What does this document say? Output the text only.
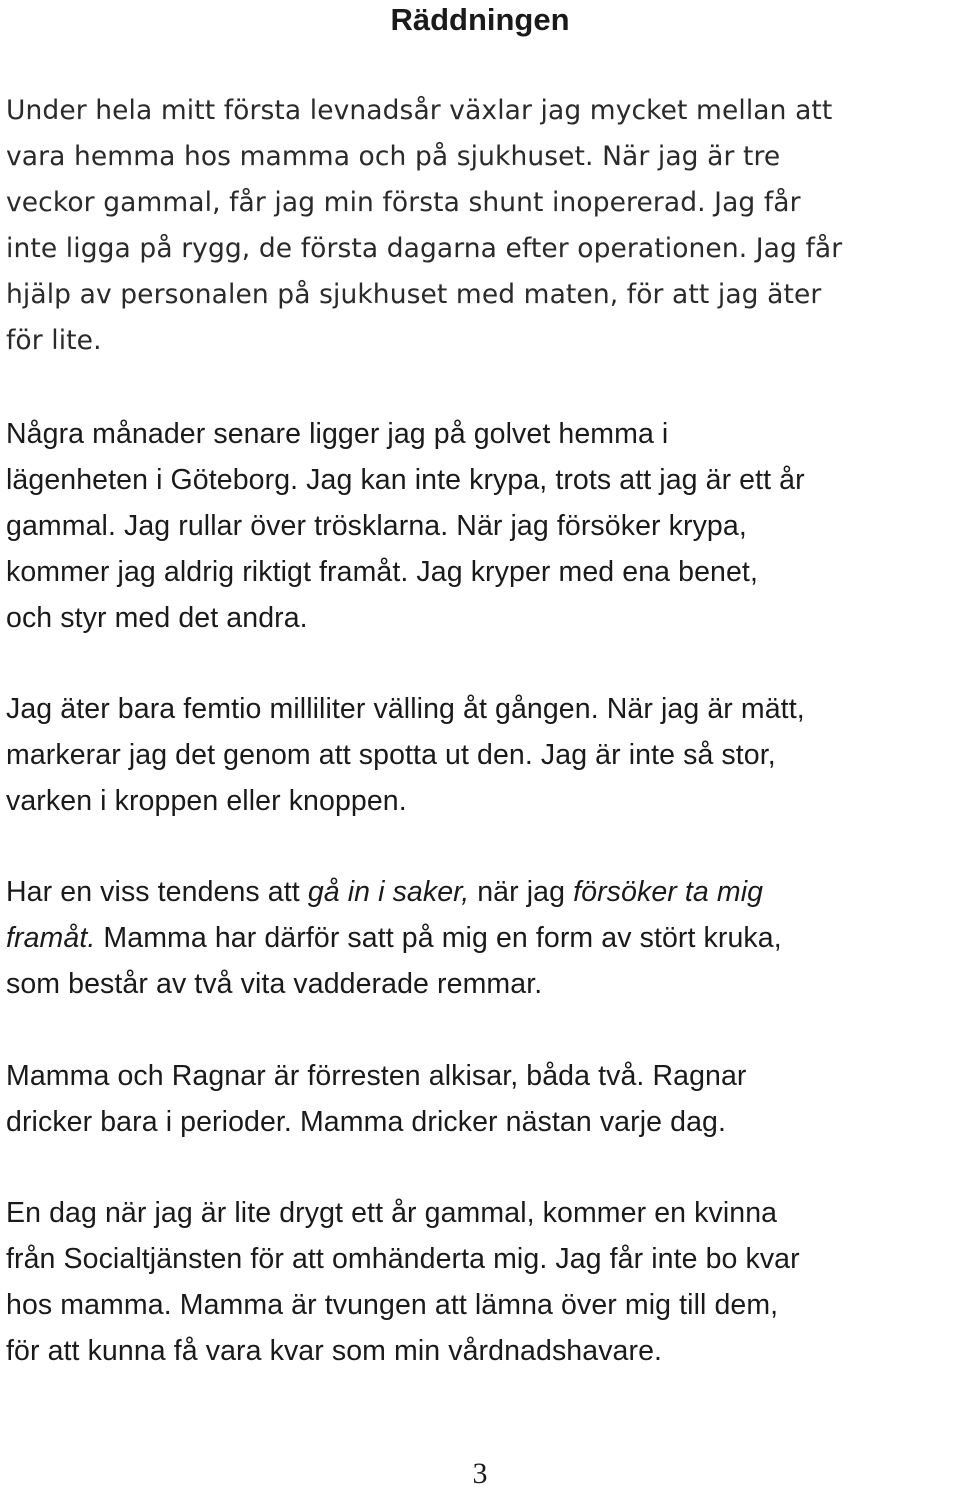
Räddningen

Under hela mitt första levnadsår växlar jag mycket mellan att
vara hemma hos mamma och på sjukhuset. När jag är tre
veckor gammal, får jag min första shunt inopererad. Jag får
inte ligga på rygg, de första dagarna efter operationen. Jag får
hjälp av personalen på sjukhuset med maten, för att jag äter
för lite.

Några månader senare ligger jag på golvet hemma i
lägenheten i Göteborg. Jag kan inte krypa, trots att jag är ett år
gammal. Jag rullar över trösklarna. När jag försöker krypa,
kommer jag aldrig riktigt framåt. Jag kryper med ena benet,
och styr med det andra.

Jag äter bara femtio milliliter välling åt gången. När jag är mätt,
markerar jag det genom att spotta ut den. Jag är inte så stor,
varken i kroppen eller knoppen.

Har en viss tendens att gå in i saker, när jag försöker ta mig
framåt. Mamma har därför satt på mig en form av stört kruka,
som består av två vita vadderade remmar.

Mamma och Ragnar är förresten alkisar, båda två. Ragnar
dricker bara i perioder. Mamma dricker nästan varje dag.

En dag när jag är lite drygt ett år gammal, kommer en kvinna
från Socialtjänsten för att omhänderta mig. Jag får inte bo kvar
hos mamma. Mamma är tvungen att lämna över mig till dem,
för att kunna få vara kvar som min vårdnadshavare.

3
